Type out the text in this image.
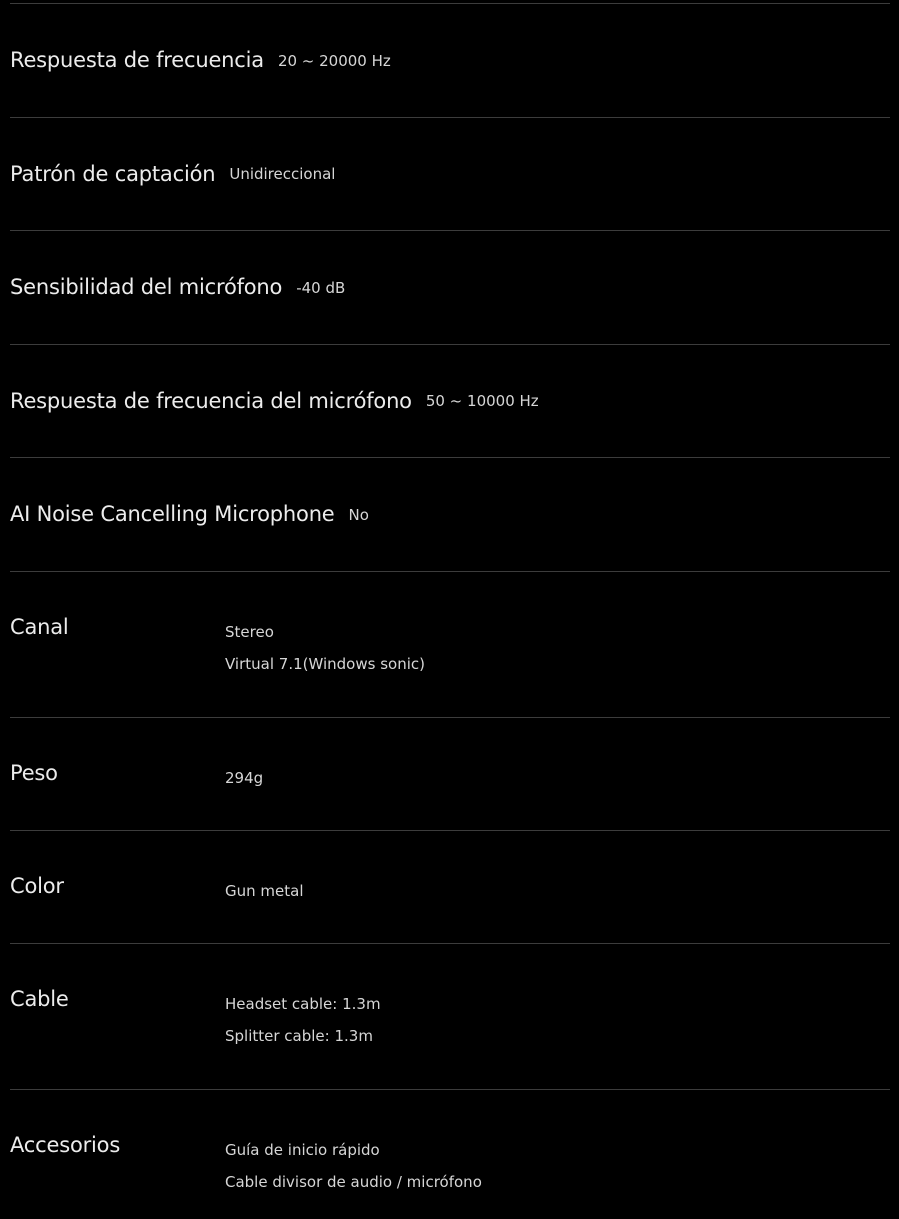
Respuesta de frecuencia 20 ~ 20000 Hz
Patrón de captación Unidireccional
Sensibilidad del micrófono -40 dB
Respuesta de frecuencia del micrófono 50 ~ 10000 Hz
AI Noise Cancelling Microphone No
Canal	Stereo
Virtual 7.1(Windows sonic)
Peso	294g
Color	Gun metal
Cable	Headset cable: 1.3m
Splitter cable: 1.3m
Accesorios	Guía de inicio rápido
Cable divisor de audio / micrófono
